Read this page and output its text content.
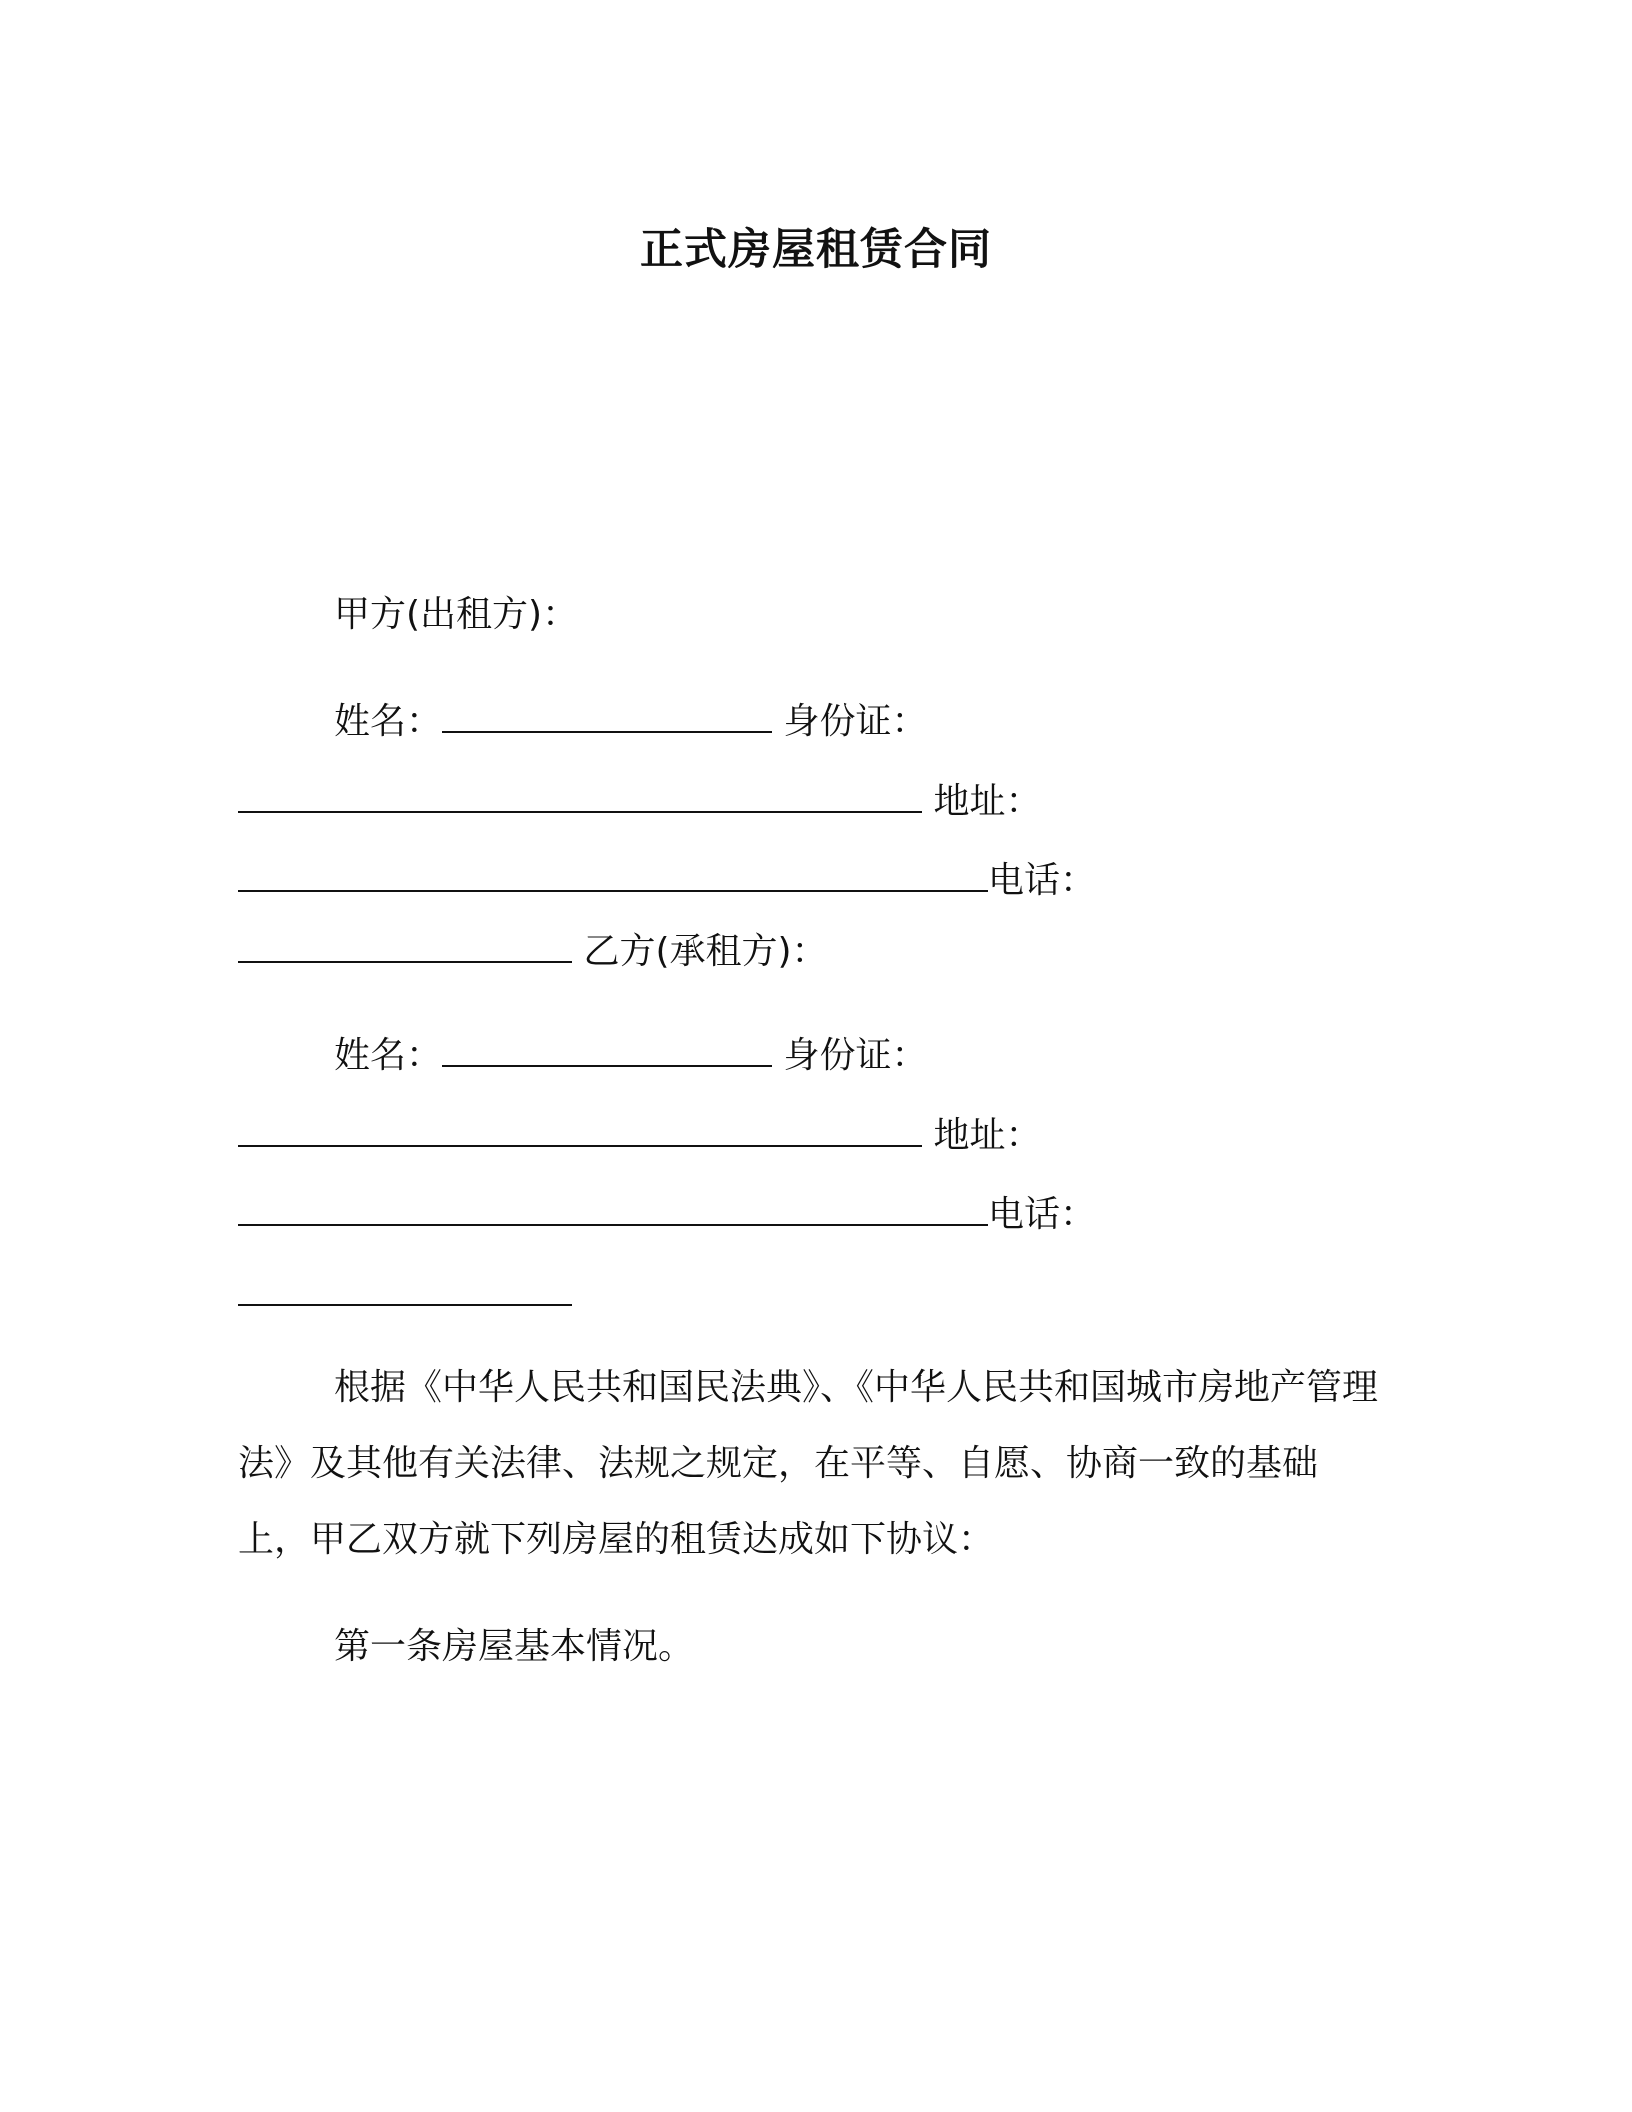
正式房屋租赁合同
甲方(出租方)：
姓名：	身份证：
地址：
电话：
乙方(承租方)：
姓名：	身份证：
地址：
电话：

根据《中华人民共和国民法典》、《中华人民共和国城市房地产管理法》及其他有关法律、法规之规定，在平等、自愿、协商一致的基础上，甲乙双方就下列房屋的租赁达成如下协议：

第一条房屋基本情况。
